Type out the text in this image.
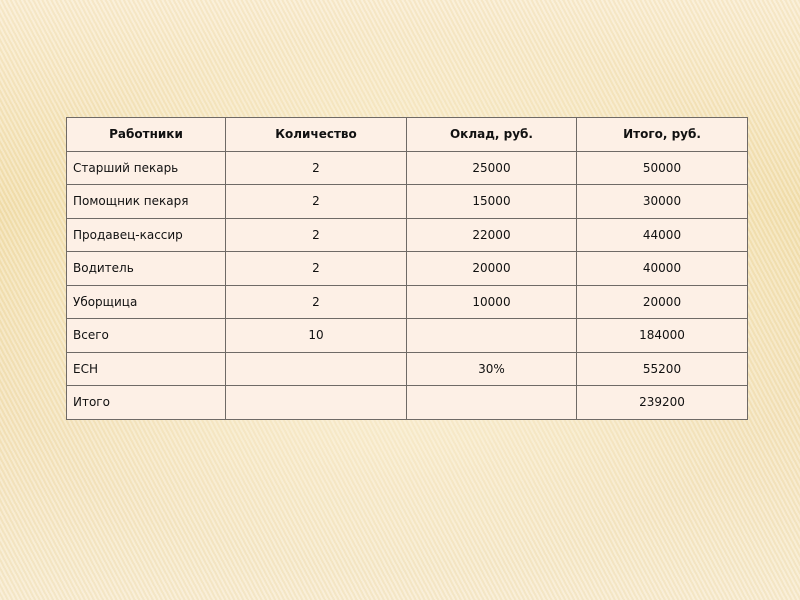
Работники	Количество	Оклад, руб.	Итого, руб.
Старший пекарь	2	25000	50000
Помощник пекаря	2	15000	30000
Продавец-кассир	2	22000	44000
Водитель	2	20000	40000
Уборщица	2	10000	20000
Всего	10		184000
ЕСН		30%	55200
Итого			239200
